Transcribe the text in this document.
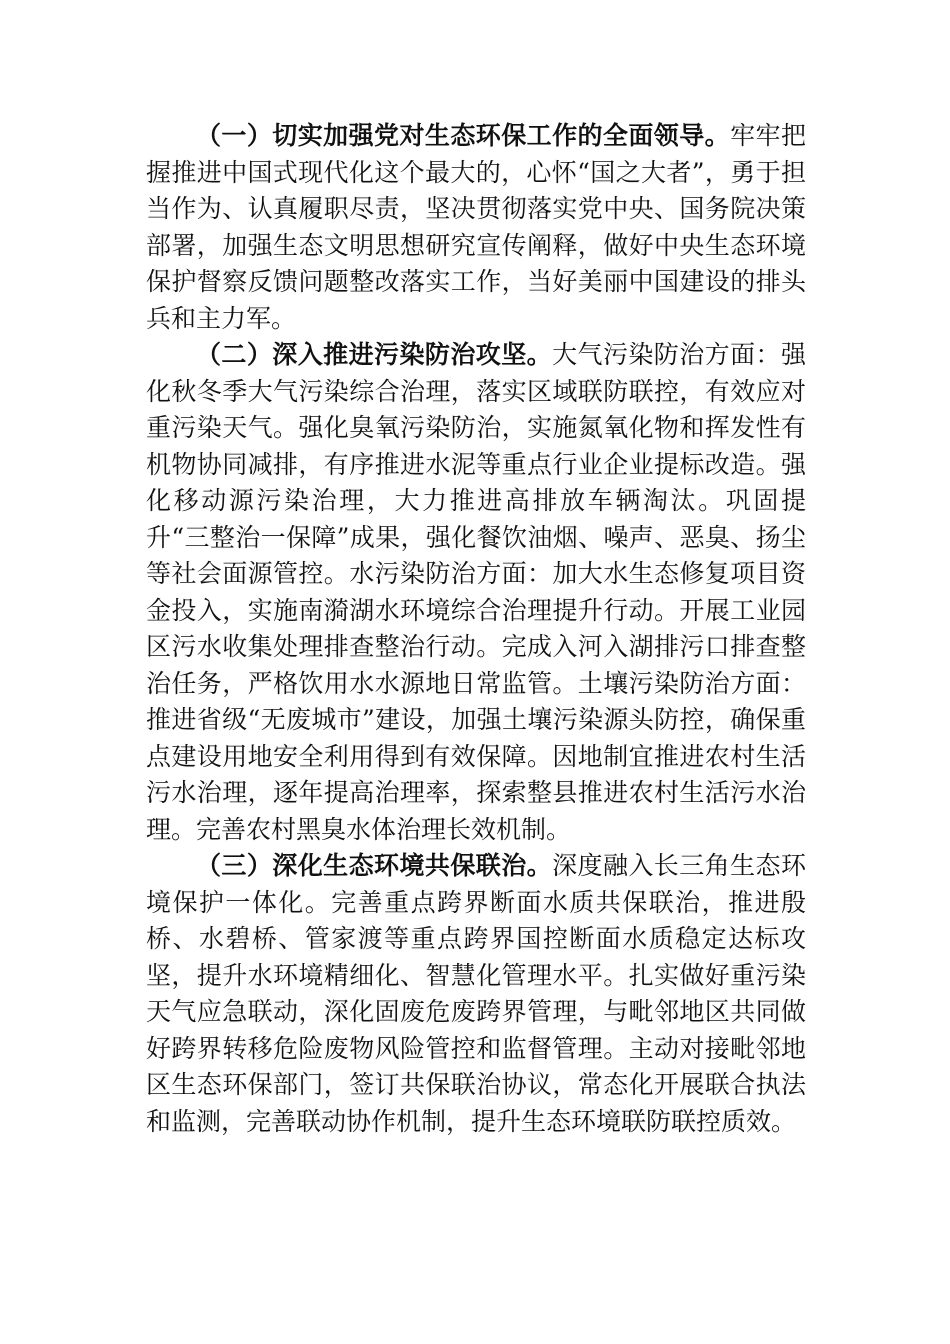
（一）切实加强党对生态环保工作的全面领导。牢牢把握推进中国式现代化这个最大的，心怀“国之大者”，勇于担当作为、认真履职尽责，坚决贯彻落实党中央、国务院决策部署，加强生态文明思想研究宣传阐释，做好中央生态环境保护督察反馈问题整改落实工作，当好美丽中国建设的排头兵和主力军。

（二）深入推进污染防治攻坚。大气污染防治方面：强化秋冬季大气污染综合治理，落实区域联防联控，有效应对重污染天气。强化臭氧污染防治，实施氮氧化物和挥发性有机物协同减排，有序推进水泥等重点行业企业提标改造。强化移动源污染治理，大力推进高排放车辆淘汰。巩固提升“三整治一保障”成果，强化餐饮油烟、噪声、恶臭、扬尘等社会面源管控。水污染防治方面：加大水生态修复项目资金投入，实施南漪湖水环境综合治理提升行动。开展工业园区污水收集处理排查整治行动。完成入河入湖排污口排查整治任务，严格饮用水水源地日常监管。土壤污染防治方面：推进省级“无废城市”建设，加强土壤污染源头防控，确保重点建设用地安全利用得到有效保障。因地制宜推进农村生活污水治理，逐年提高治理率，探索整县推进农村生活污水治理。完善农村黑臭水体治理长效机制。

（三）深化生态环境共保联治。深度融入长三角生态环境保护一体化。完善重点跨界断面水质共保联治，推进殷桥、水碧桥、管家渡等重点跨界国控断面水质稳定达标攻坚，提升水环境精细化、智慧化管理水平。扎实做好重污染天气应急联动，深化固废危废跨界管理，与毗邻地区共同做好跨界转移危险废物风险管控和监督管理。主动对接毗邻地区生态环保部门，签订共保联治协议，常态化开展联合执法和监测，完善联动协作机制，提升生态环境联防联控质效。
